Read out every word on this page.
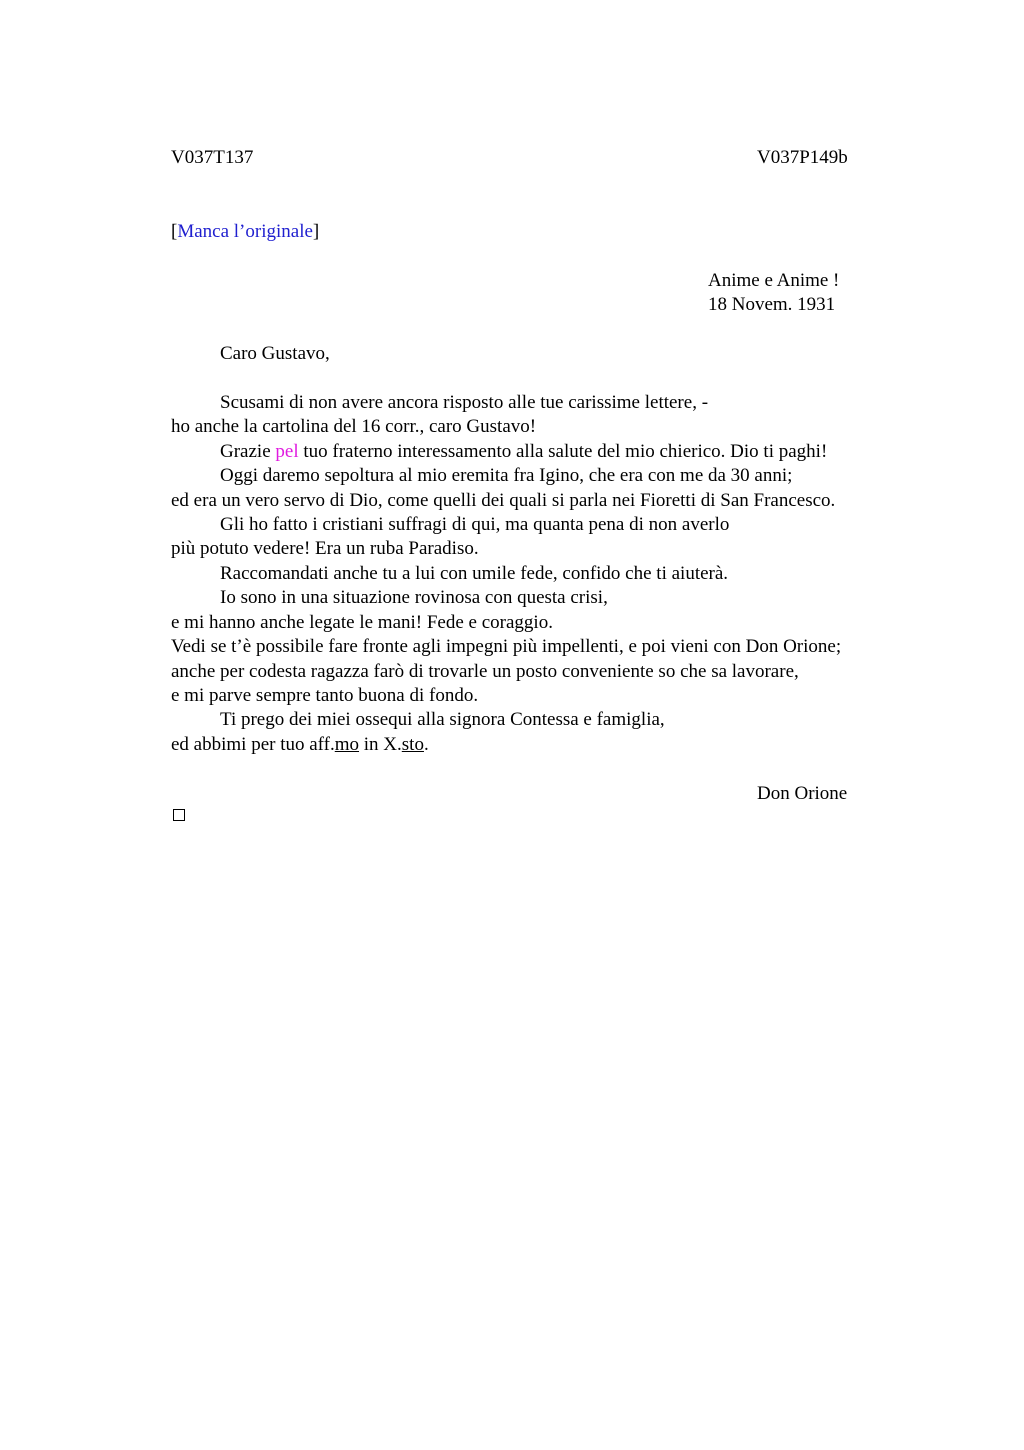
V037T137	V037P149b
[Manca l’originale]
Anime e Anime !
18 Novem. 1931
Caro Gustavo,
Scusami di non avere ancora risposto alle tue carissime lettere, -
ho anche la cartolina del 16 corr., caro Gustavo!
Grazie pel tuo fraterno interessamento alla salute del mio chierico. Dio ti paghi!
Oggi daremo sepoltura al mio eremita fra Igino, che era con me da 30 anni;
ed era un vero servo di Dio, come quelli dei quali si parla nei Fioretti di San Francesco.
Gli ho fatto i cristiani suffragi di qui, ma quanta pena di non averlo
più potuto vedere! Era un ruba Paradiso.
Raccomandati anche tu a lui con umile fede, confido che ti aiuterà.
Io sono in una situazione rovinosa con questa crisi,
e mi hanno anche legate le mani! Fede e coraggio.
Vedi se t’è possibile fare fronte agli impegni più impellenti, e poi vieni con Don Orione;
anche per codesta ragazza farò di trovarle un posto conveniente so che sa lavorare,
e mi parve sempre tanto buona di fondo.
Ti prego dei miei ossequi alla signora Contessa e famiglia,
ed abbimi per tuo aff.mo in X.sto.
Don Orione
